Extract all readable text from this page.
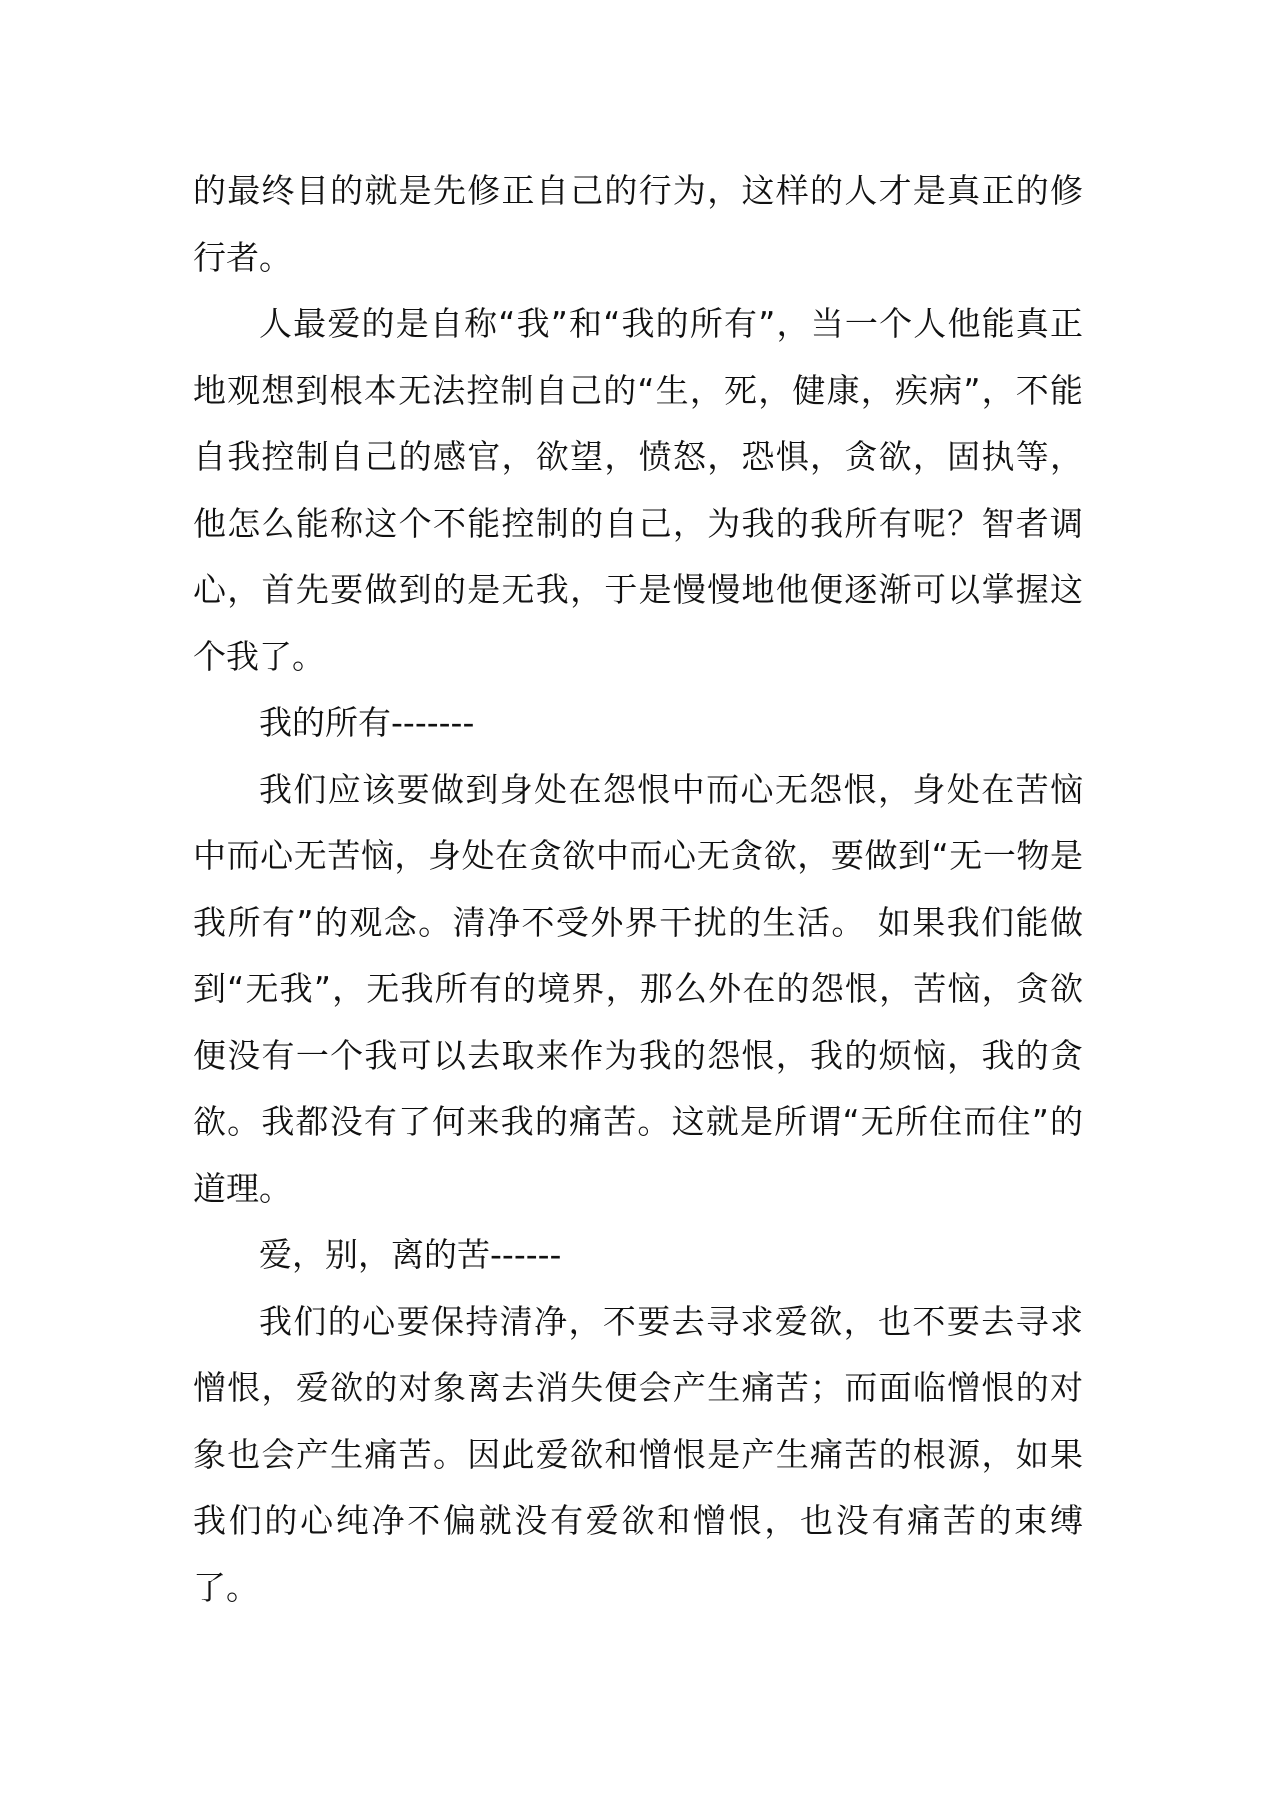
的最终目的就是先修正自己的行为，这样的人才是真正的修行者。

人最爱的是自称“我”和“我的所有”，当一个人他能真正地观想到根本无法控制自己的“生，死，健康，疾病”，不能自我控制自己的感官，欲望，愤怒，恐惧，贪欲，固执等，他怎么能称这个不能控制的自己，为我的我所有呢？智者调心，首先要做到的是无我，于是慢慢地他便逐渐可以掌握这个我了。

我的所有-------

我们应该要做到身处在怨恨中而心无怨恨，身处在苦恼中而心无苦恼，身处在贪欲中而心无贪欲，要做到“无一物是我所有”的观念。清净不受外界干扰的生活。 如果我们能做到“无我”，无我所有的境界，那么外在的怨恨，苦恼，贪欲便没有一个我可以去取来作为我的怨恨，我的烦恼，我的贪欲。我都没有了何来我的痛苦。这就是所谓“无所住而住”的道理。

爱，别，离的苦------

我们的心要保持清净，不要去寻求爱欲，也不要去寻求憎恨，爱欲的对象离去消失便会产生痛苦；而面临憎恨的对象也会产生痛苦。因此爱欲和憎恨是产生痛苦的根源，如果我们的心纯净不偏就没有爱欲和憎恨，也没有痛苦的束缚了。
